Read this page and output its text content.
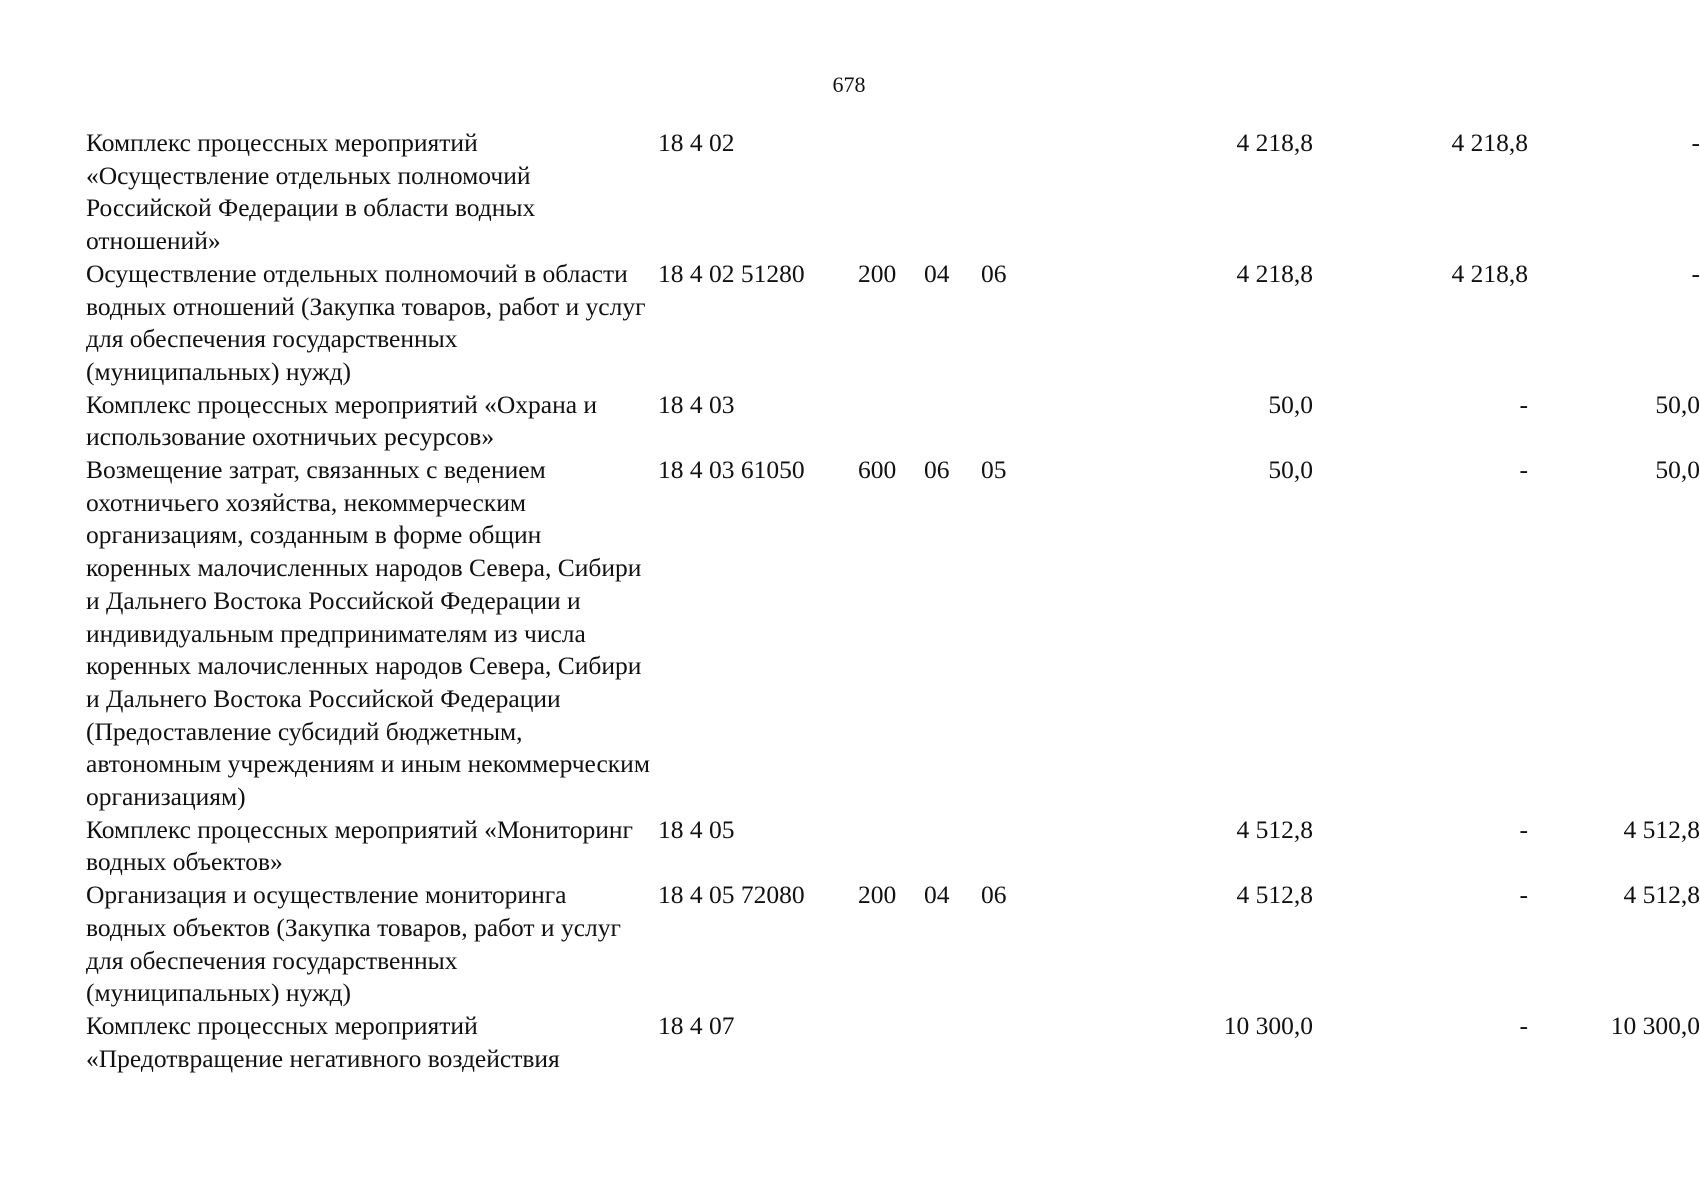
678
Комплекс процессных мероприятий «Осуществление отдельных полномочий Российской Федерации в области водных отношений»	18 4 02				4 218,8	4 218,8	-
Осуществление отдельных полномочий в области водных отношений (Закупка товаров, работ и услуг для обеспечения государственных (муниципальных) нужд)	18 4 02 51280	200	04	06	4 218,8	4 218,8	-
Комплекс процессных мероприятий «Охрана и использование охотничьих ресурсов»	18 4 03				50,0	-	50,0
Возмещение затрат, связанных с ведением охотничьего хозяйства, некоммерческим организациям, созданным в форме общин коренных малочисленных народов Севера, Сибири и Дальнего Востока Российской Федерации и индивидуальным предпринимателям из числа коренных малочисленных народов Севера, Сибири и Дальнего Востока Российской Федерации (Предоставление субсидий бюджетным, автономным учреждениям и иным некоммерческим организациям)	18 4 03 61050	600	06	05	50,0	-	50,0
Комплекс процессных мероприятий «Мониторинг водных объектов»	18 4 05				4 512,8	-	4 512,8
Организация и осуществление мониторинга водных объектов (Закупка товаров, работ и услуг для обеспечения государственных (муниципальных) нужд)	18 4 05 72080	200	04	06	4 512,8	-	4 512,8
Комплекс процессных мероприятий «Предотвращение негативного воздействия	18 4 07				10 300,0	-	10 300,0
